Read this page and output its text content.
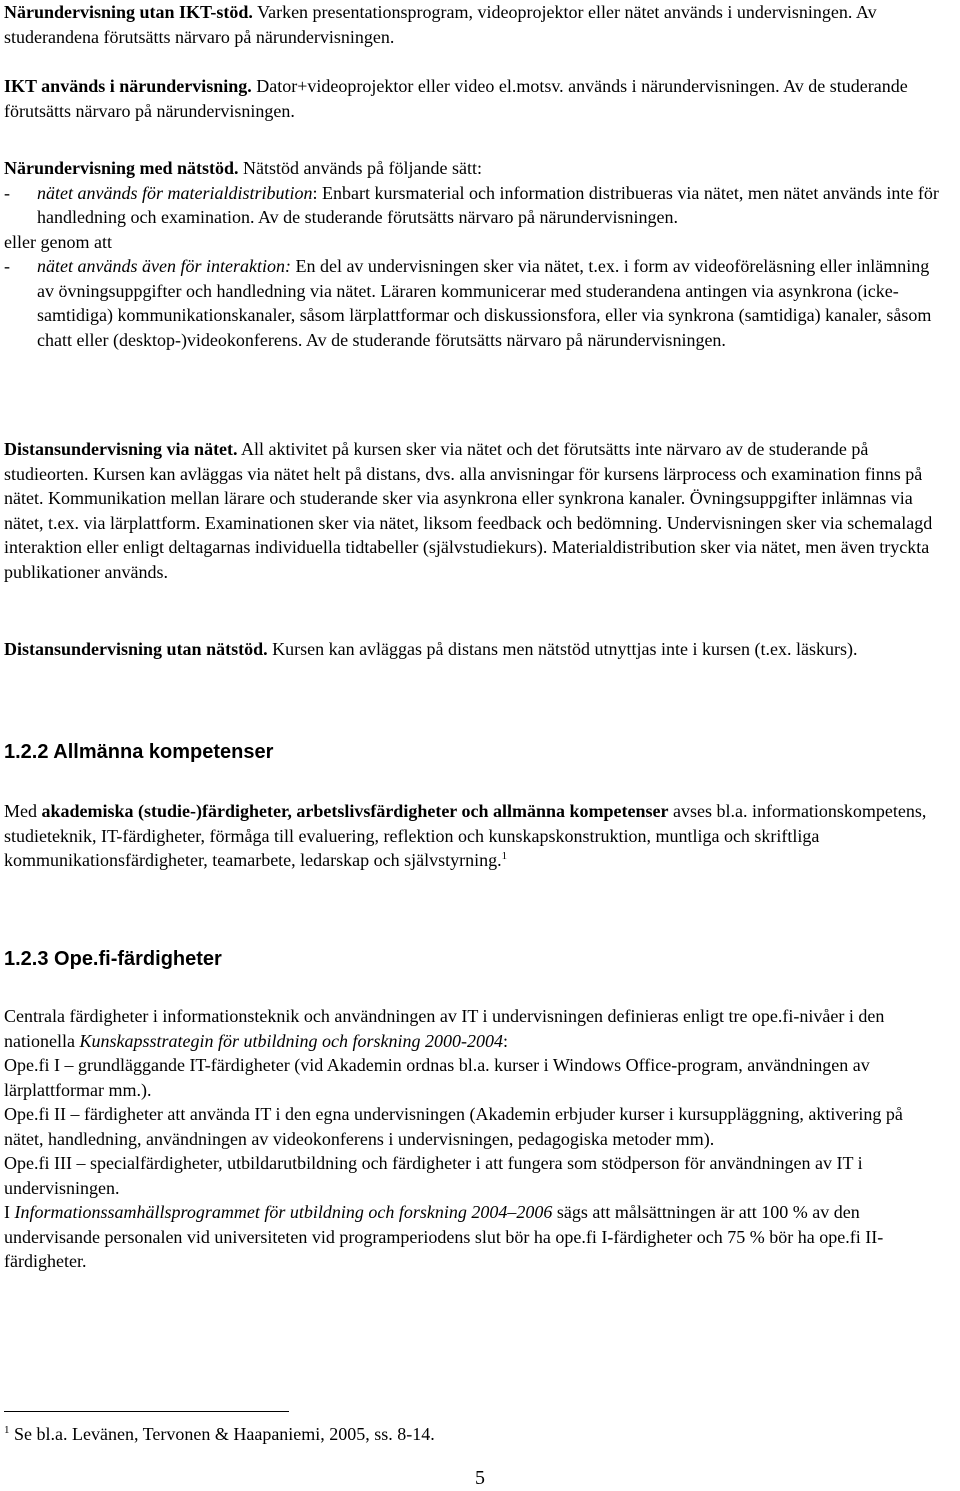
Närundervisning utan IKT-stöd. Varken presentationsprogram, videoprojektor eller nätet används i undervisningen. Av studerandena förutsätts närvaro på närundervisningen.

IKT används i närundervisning. Dator+videoprojektor eller video el.motsv. används i närundervisningen. Av de studerande förutsätts närvaro på närundervisningen.

Närundervisning med nätstöd. Nätstöd används på följande sätt:
- nätet används för materialdistribution: Enbart kursmaterial och information distribueras via nätet, men nätet används inte för handledning och examination. Av de studerande förutsätts närvaro på närundervisningen.
eller genom att
- nätet används även för interaktion: En del av undervisningen sker via nätet, t.ex. i form av videoföreläsning eller inlämning av övningsuppgifter och handledning via nätet. Läraren kommunicerar med studerandena antingen via asynkrona (icke-samtidiga) kommunikationskanaler, såsom lärplattformar och diskussionsfora, eller via synkrona (samtidiga) kanaler, såsom chatt eller (desktop-)videokonferens. Av de studerande förutsätts närvaro på närundervisningen.

Distansundervisning via nätet. All aktivitet på kursen sker via nätet och det förutsätts inte närvaro av de studerande på studieorten. Kursen kan avläggas via nätet helt på distans, dvs. alla anvisningar för kursens lärprocess och examination finns på nätet. Kommunikation mellan lärare och studerande sker via asynkrona eller synkrona kanaler. Övningsuppgifter inlämnas via nätet, t.ex. via lärplattform. Examinationen sker via nätet, liksom feedback och bedömning. Undervisningen sker via schemalagd interaktion eller enligt deltagarnas individuella tidtabeller (självstudiekurs). Materialdistribution sker via nätet, men även tryckta publikationer används.

Distansundervisning utan nätstöd. Kursen kan avläggas på distans men nätstöd utnyttjas inte i kursen (t.ex. läskurs).

1.2.2 Allmänna kompetenser

Med akademiska (studie-)färdigheter, arbetslivsfärdigheter och allmänna kompetenser avses bl.a. informationskompetens, studieteknik, IT-färdigheter, förmåga till evaluering, reflektion och kunskapskonstruktion, muntliga och skriftliga kommunikationsfärdigheter, teamarbete, ledarskap och självstyrning.$^1$

1.2.3 Ope.fi-färdigheter
Centrala färdigheter i informationsteknik och användningen av IT i undervisningen definieras enligt tre ope.fi-nivåer i den nationella Kunskapsstrategin för utbildning och forskning 2000-2004:
Ope.fi I – grundläggande IT-färdigheter (vid Akademin ordnas bl.a. kurser i Windows Office-program, användningen av lärplattformar mm.).
Ope.fi II – färdigheter att använda IT i den egna undervisningen (Akademin erbjuder kurser i kursuppläggning, aktivering på nätet, handledning, användningen av videokonferens i undervisningen, pedagogiska metoder mm).
Ope.fi III – specialfärdigheter, utbildarutbildning och färdigheter i att fungera som stödperson för användningen av IT i undervisningen.
I Informationssamhällsprogrammet för utbildning och forskning 2004–2006 sägs att målsättningen är att 100 % av den undervisande personalen vid universiteten vid programperiodens slut bör ha ope.fi I-färdigheter och 75 % bör ha ope.fi II-färdigheter.
$^1$ Se bl.a. Levänen, Tervonen & Haapaniemi, 2005, ss. 8-14.
5
